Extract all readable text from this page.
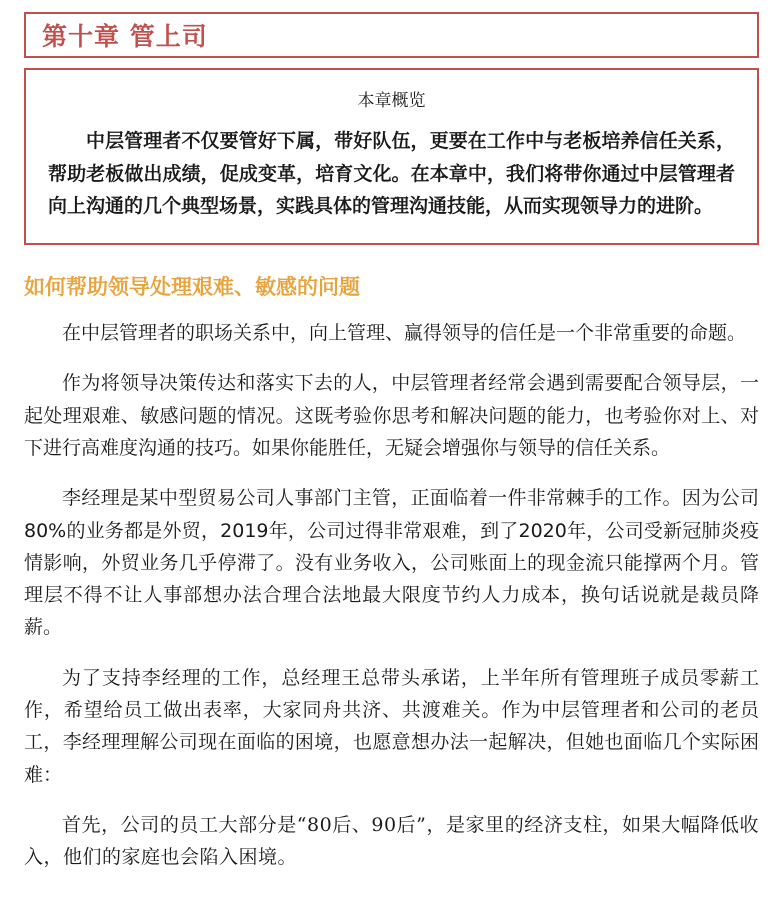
第十章 管上司
本章概览
中层管理者不仅要管好下属，带好队伍，更要在工作中与老板培养信任关系，帮助老板做出成绩，促成变革，培育文化。在本章中，我们将带你通过中层管理者向上沟通的几个典型场景，实践具体的管理沟通技能，从而实现领导力的进阶。
如何帮助领导处理艰难、敏感的问题

在中层管理者的职场关系中，向上管理、赢得领导的信任是一个非常重要的命题。

作为将领导决策传达和落实下去的人，中层管理者经常会遇到需要配合领导层，一起处理艰难、敏感问题的情况。这既考验你思考和解决问题的能力，也考验你对上、对下进行高难度沟通的技巧。如果你能胜任，无疑会增强你与领导的信任关系。

李经理是某中型贸易公司人事部门主管，正面临着一件非常棘手的工作。因为公司80%的业务都是外贸，2019年，公司过得非常艰难，到了2020年，公司受新冠肺炎疫情影响，外贸业务几乎停滞了。没有业务收入，公司账面上的现金流只能撑两个月。管理层不得不让人事部想办法合理合法地最大限度节约人力成本，换句话说就是裁员降薪。

为了支持李经理的工作，总经理王总带头承诺，上半年所有管理班子成员零薪工作，希望给员工做出表率，大家同舟共济、共渡难关。作为中层管理者和公司的老员工，李经理理解公司现在面临的困境，也愿意想办法一起解决，但她也面临几个实际困难：

首先，公司的员工大部分是“80后、90后”，是家里的经济支柱，如果大幅降低收入，他们的家庭也会陷入困境。
